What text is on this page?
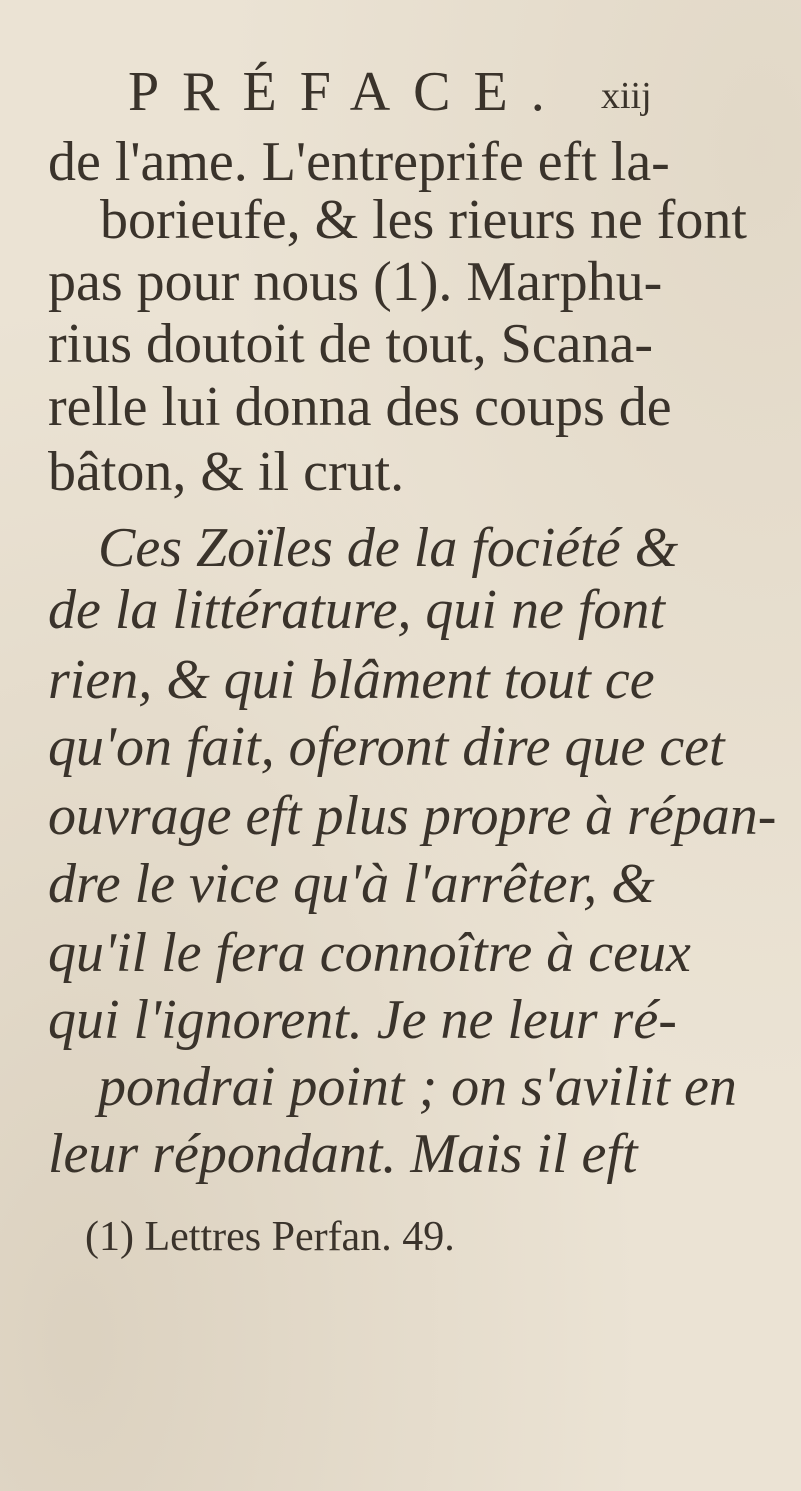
PRÉFACE. xiij
de l'ame. L'entreprife eft la-
borieufe, & les rieurs ne font
pas pour nous (1). Marphu-
rius doutoit de tout, Scana-
relle lui donna des coups de
bâton, & il crut.
Ces Zoïles de la fociété &
de la littérature, qui ne font
rien, & qui blâment tout ce
qu'on fait, oferont dire que cet
ouvrage eft plus propre à répan-
dre le vice qu'à l'arrêter, &
qu'il le fera connoître à ceux
qui l'ignorent. Je ne leur ré-
pondrai point ; on s'avilit en
leur répondant. Mais il eft
(1) Lettres Perfan. 49.
